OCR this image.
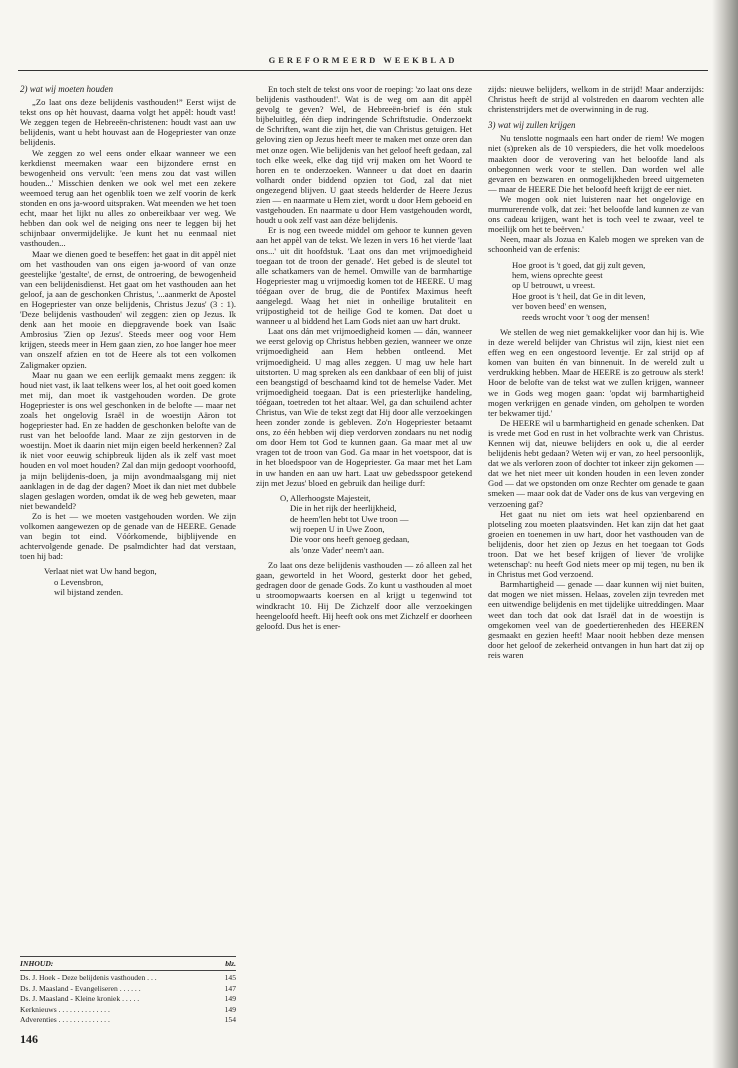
GEREFORMEERD WEEKBLAD
2) wat wij moeten houden

„Zo laat ons deze belijdenis vasthouden!” Eerst wijst de tekst ons op hèt houvast, daarna volgt het appèl: houdt vast! We zeggen tegen de Hebreeën-christenen: houdt vast aan uw belijdenis, want u hebt houvast aan de Hogepriester van onze belijdenis.

We zeggen zo wel eens onder elkaar wanneer we een kerkdienst meemaken waar een bijzondere ernst en bewogenheid ons vervult: 'een mens zou dat vast willen houden...' Misschien denken we ook wel met een zekere weemoed terug aan het ogenblik toen we zelf voorin de kerk stonden en ons ja-woord uitspraken. Wat meenden we het toen echt, maar het lijkt nu alles zo onbereikbaar ver weg. We hebben dan ook wel de neiging ons neer te leggen bij het schijnbaar onvermijdelijke. Je kunt het nu eenmaal niet vasthouden...

Maar we dienen goed te beseffen: het gaat in dit appèl niet om het vasthouden van ons eigen ja-woord of van onze geestelijke 'gestalte', de ernst, de ontroering, de bewogenheid van een belijdenisdienst. Het gaat om het vasthouden aan het geloof, ja aan de geschonken Christus, '...aanmerkt de Apostel en Hogepriester van onze belijdenis, Christus Jezus' (3 : 1). 'Deze belijdenis vasthouden' wil zeggen: zien op Jezus. Ik denk aan het mooie en diepgravende boek van Isaäc Ambrosius 'Zien op Jezus'. Steeds meer oog voor Hem krijgen, steeds meer in Hem gaan zien, zo hoe langer hoe meer van onszelf afzien en tot de Heere als tot een volkomen Zaligmaker opzien.

Maar nu gaan we een eerlijk gemaakt mens zeggen: ik houd niet vast, ik laat telkens weer los, al het ooit goed komen met mij, dan moet ik vastgehouden worden. De grote Hogepriester is ons wel geschonken in de belofte — maar net zoals het ongelovig Israël in de woestijn Aäron tot hogepriester had. En ze hadden de geschonken belofte van de rust van het beloofde land. Maar ze zijn gestorven in de woestijn. Moet ik daarin niet mijn eigen beeld herkennen? Zal ik niet voor eeuwig schipbreuk lijden als ik zelf vast moet houden en vol moet houden? Zal dan mijn gedoopt voorhoofd, ja mijn belijdenis-doen, ja mijn avondmaalsgang mij niet aanklagen in de dag der dagen? Moet ik dan niet met dubbele slagen geslagen worden, omdat ik de weg heb geweten, maar niet bewandeld?

Zo is het — we moeten vastgehouden worden. We zijn volkomen aangewezen op de genade van de HEERE. Genade van begin tot eind. Vóórkomende, bijblijvende en achtervolgende genade. De psalmdichter had dat verstaan, toen hij bad:

Verlaat niet wat Uw hand begon,
o Levensbron,
wil bijstand zenden.
INHOUD:	blz.
Ds. J. Hoek - Deze belijdenis vasthouden . . .	145
Ds. J. Maasland - Evangeliseren . . . . . .	147
Ds. J. Maasland - Kleine kroniek . . . . .	149
Kerknieuws . . . . . . . . . . . . . .	149
Adverenties . . . . . . . . . . . . . .	154
146

En toch stelt de tekst ons voor de roeping: 'zo laat ons deze belijdenis vasthouden!'. Wat is de weg om aan dit appèl gevolg te geven? Wel, de Hebreeën-brief is één stuk bijbeluitleg, één diep indringende Schriftstudie. Onderzoekt de Schriften, want die zijn het, die van Christus getuigen. Het geloving zien op Jezus heeft meer te maken met onze oren dan met onze ogen. Wie belijdenis van het geloof heeft gedaan, zal toch elke week, elke dag tijd vrij maken om het Woord te horen en te onderzoeken. Wanneer u dat doet en daarin volhardt onder biddend opzien tot God, zal dat niet ongezegend blijven. U gaat steeds helderder de Heere Jezus zien — en naarmate u Hem ziet, wordt u door Hem geboeid en vastgehouden. En naarmate u door Hem vastgehouden wordt, houdt u ook zelf vast aan déze belijdenis.

Er is nog een tweede middel om gehoor te kunnen geven aan het appèl van de tekst. We lezen in vers 16 het vierde 'laat ons...' uit dit hoofdstuk. 'Laat ons dan met vrijmoedigheid toegaan tot de troon der genade'. Het gebed is de sleutel tot alle schatkamers van de hemel. Omwille van de barmhartige Hogepriester mag u vrijmoedig komen tot de HEERE. U mag tóégaan over de brug, die de Pontifex Maximus heeft aangelegd. Waag het niet in onheilige brutaliteit en vrijpostigheid tot de heilige God te komen. Dat doet u wanneer u al biddend het Lam Gods niet aan uw hart drukt.

Laat ons dán met vrijmoedigheid komen — dán, wanneer we eerst gelovig op Christus hebben gezien, wanneer we onze vrijmoedigheid aan Hem hebben ontleend. Met vrijmoedigheid. U mag alles zeggen. U mag uw hele hart uitstorten. U mag spreken als een dankbaar of een blij of juist een beangstigd of beschaamd kind tot de hemelse Vader. Met vrijmoedigheid toegaan. Dat is een priesterlijke handeling, tóégaan, toetreden tot het altaar. Wel, ga dan schuilend achter Christus, van Wie de tekst zegt dat Hij door alle verzoekingen heen zonder zonde is gebleven. Zo'n Hogepriester betaamt ons, zo één hebben wij diep verdorven zondaars nu net nodig om door Hem tot God te kunnen gaan. Ga maar met al uw vragen tot de troon van God. Ga maar in het voetspoor, dat is in het bloedspoor van de Hogepriester. Ga maar met het Lam in uw handen en aan uw hart. Laat uw gebedsspoor getekend zijn met Jezus' bloed en gebruik dan heilige durf:

O, Allerhoogste Majesteit,
Die in het rijk der heerlijkheid,
de heem'len hebt tot Uwe troon —
wij roepen U in Uwe Zoon,
Die voor ons heeft genoeg gedaan,
als 'onze Vader' neem't aan.

Zo laat ons deze belijdenis vasthouden — zó alleen zal het gaan, geworteld in het Woord, gesterkt door het gebed, gedragen door de genade Gods. Zo kunt u vasthouden al moet u stroomopwaarts koersen en al krijgt u tegenwind tot windkracht 10. Hij De Zichzelf door alle verzoekingen heengeloofd heeft. Hij heeft ook ons met Zichzelf er doorheen geloofd. Dus het is ener-

zijds: nieuwe belijders, welkom in de strijd! Maar anderzijds: Christus heeft de strijd al volstreden en daarom vechten alle christenstrijders met de overwinning in de rug.

3) wat wij zullen krijgen

Nu tenslotte nogmaals een hart onder de riem! We mogen niet (s)preken als de 10 verspieders, die het volk moedeloos maakten door de verovering van het beloofde land als onbegonnen werk voor te stellen. Dan worden wel alle gevaren en bezwaren en onmogelijkheden breed uitgemeten — maar de HEERE Die het beloofd heeft krijgt de eer niet.

We mogen ook niet luisteren naar het ongelovige en murmurerende volk, dat zei: 'het beloofde land kunnen ze van ons cadeau krijgen, want het is toch veel te zwaar, veel te moeilijk om het te beërven.'

Neen, maar als Jozua en Kaleb mogen we spreken van de schoonheid van de erfenis:

Hoe groot is 't goed, dat gij zult geven,
hem, wiens oprechte geest
op U betrouwt, u vreest.
Hoe groot is 't heil, dat Ge in dit leven,
ver boven beed' en wensen,
reeds wrocht voor 't oog der mensen!

We stellen de weg niet gemakkelijker voor dan hij is. Wie in deze wereld belijder van Christus wil zijn, kiest niet een effen weg en een ongestoord leventje. Er zal strijd op af komen van buiten én van binnenuit. In de wereld zult u verdrukking hebben. Maar de HEERE is zo getrouw als sterk! Hoor de belofte van de tekst wat we zullen krijgen, wanneer we in Gods weg mogen gaan: 'opdat wij barmhartigheid mogen verkrijgen en genade vinden, om geholpen te worden ter bekwamer tijd.'

De HEERE wil u barmhartigheid en genade schenken. Dat is vrede met God en rust in het volbrachte werk van Christus. Kennen wij dat, nieuwe belijders en ook u, die al eerder belijdenis hebt gedaan? Weten wij er van, zo heel persoonlijk, dat we als verloren zoon of dochter tot inkeer zijn gekomen — dat we het niet meer uit konden houden in een leven zonder God — dat we opstonden om onze Rechter om genade te gaan smeken — maar ook dat de Vader ons de kus van vergeving en verzoening gaf?

Het gaat nu niet om iets wat heel opzienbarend en plotseling zou moeten plaatsvinden. Het kan zijn dat het gaat groeien en toenemen in uw hart, door het vasthouden van de belijdenis, door het zien op Jezus en het toegaan tot Gods troon. Dat we het besef krijgen of liever 'de vrolijke wetenschap': nu heeft God niets meer op mij tegen, nu ben ik in Christus met God verzoend.

Barmhartigheid — genade — daar kunnen wij niet buiten, dat mogen we niet missen. Helaas, zovelen zijn tevreden met een uitwendige belijdenis en met tijdelijke uitreddingen. Maar weet dan toch dat ook dat Israël dat in de woestijn is omgekomen veel van de goedertierenheden des HEEREN gesmaakt en gezien heeft! Maar nooit hebben deze mensen door het geloof de zekerheid ontvangen in hun hart dat zij op reis waren
